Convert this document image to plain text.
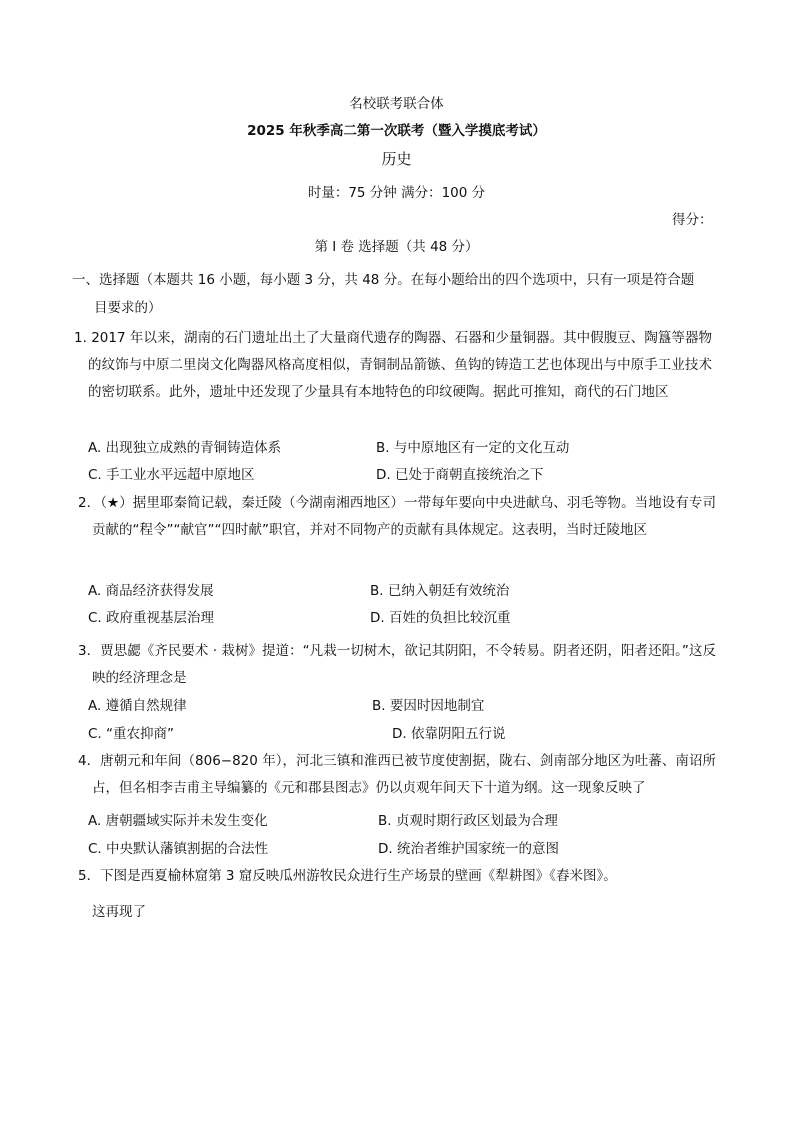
名校联考联合体
2025 年秋季高二第一次联考（暨入学摸底考试）
历史
时量：75 分钟 满分：100 分
得分：
第 I 卷 选择题（共 48 分）
一、选择题（本题共 16 小题，每小题 3 分，共 48 分。在每小题给出的四个选项中，只有一项是符合题
目要求的）
1. 2017 年以来，湖南的石门遗址出土了大量商代遗存的陶器、石器和少量铜器。其中假腹豆、陶簋等器物的纹饰与中原二里岗文化陶器风格高度相似，青铜制品箭镞、鱼钩的铸造工艺也体现出与中原手工业技术的密切联系。此外，遗址中还发现了少量具有本地特色的印纹硬陶。据此可推知，商代的石门地区
A. 出现独立成熟的青铜铸造体系	B. 与中原地区有一定的文化互动
C. 手工业水平远超中原地区	D. 已处于商朝直接统治之下
2．（★）据里耶秦简记载，秦迁陵（今湖南湘西地区）一带每年要向中央进献乌、羽毛等物。当地设有专司贡献的“程令”“献官”“四时献”职官，并对不同物产的贡献有具体规定。这表明，当时迁陵地区
A. 商品经济获得发展	B. 已纳入朝廷有效统治
C. 政府重视基层治理	D. 百姓的负担比较沉重
3．贾思勰《齐民要术 · 栽树》提道：“凡栽一切树木，欲记其阴阳，不令转易。阴者还阴，阳者还阳。”这反映的经济理念是
A. 遵循自然规律	B. 要因时因地制宜
C. “重农抑商”	D. 依靠阴阳五行说
4．唐朝元和年间（806−820 年），河北三镇和淮西已被节度使割据，陇右、剑南部分地区为吐蕃、南诏所占，但名相李吉甫主导编纂的《元和郡县图志》仍以贞观年间天下十道为纲。这一现象反映了
A. 唐朝疆域实际并未发生变化	B. 贞观时期行政区划最为合理
C. 中央默认藩镇割据的合法性	D. 统治者维护国家统一的意图
5．下图是西夏榆林窟第 3 窟反映瓜州游牧民众进行生产场景的壁画《犁耕图》《舂米图》。
这再现了
